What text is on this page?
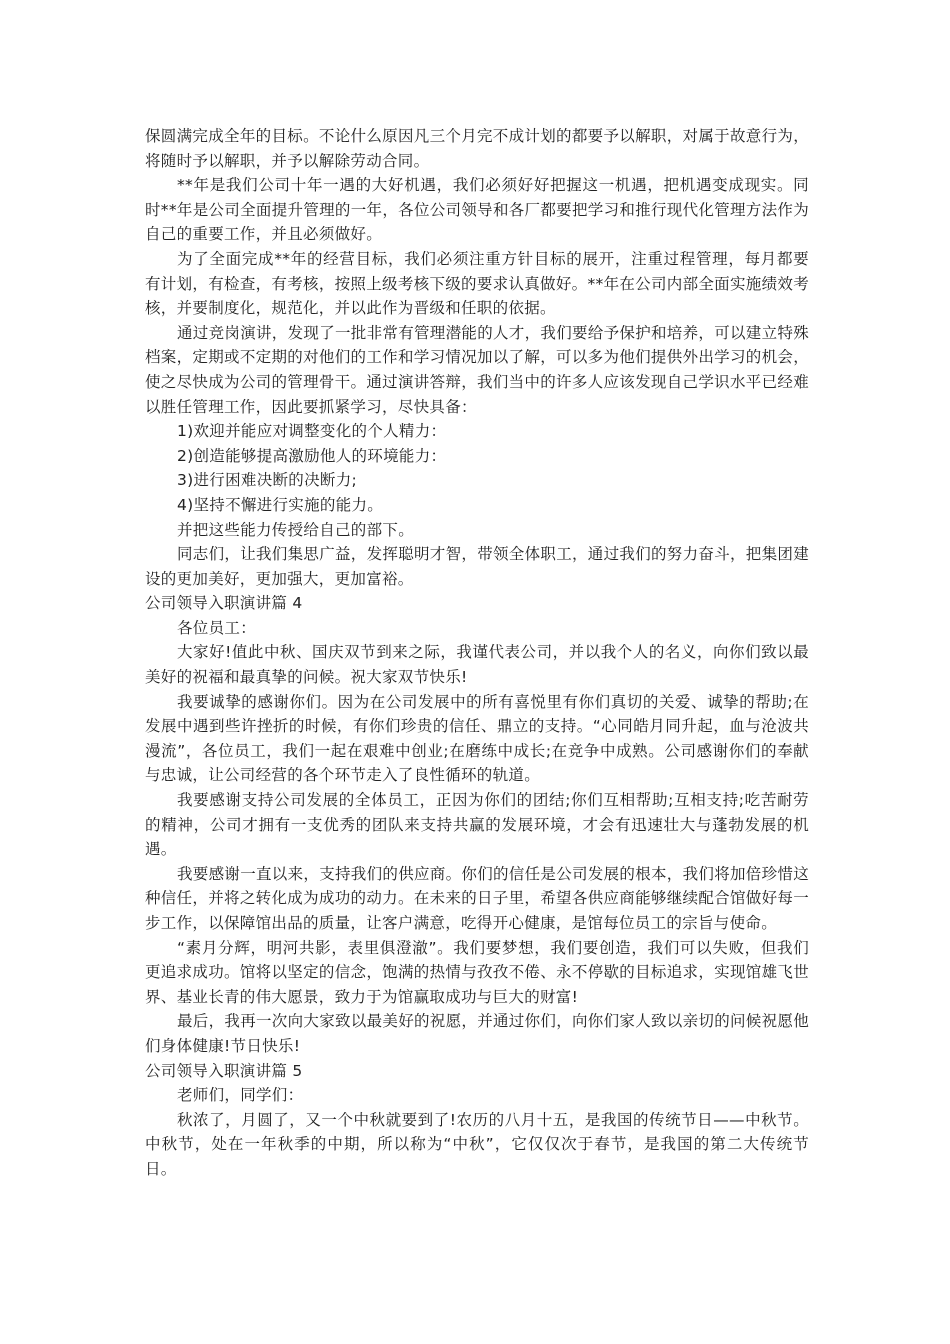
保圆满完成全年的目标。不论什么原因凡三个月完不成计划的都要予以解职，对属于故意行为，将随时予以解职，并予以解除劳动合同。

**年是我们公司十年一遇的大好机遇，我们必须好好把握这一机遇，把机遇变成现实。同时**年是公司全面提升管理的一年，各位公司领导和各厂都要把学习和推行现代化管理方法作为自己的重要工作，并且必须做好。

为了全面完成**年的经营目标，我们必须注重方针目标的展开，注重过程管理，每月都要有计划，有检查，有考核，按照上级考核下级的要求认真做好。**年在公司内部全面实施绩效考核，并要制度化，规范化，并以此作为晋级和任职的依据。

通过竞岗演讲，发现了一批非常有管理潜能的人才，我们要给予保护和培养，可以建立特殊档案，定期或不定期的对他们的工作和学习情况加以了解，可以多为他们提供外出学习的机会，使之尽快成为公司的管理骨干。通过演讲答辩，我们当中的许多人应该发现自己学识水平已经难以胜任管理工作，因此要抓紧学习，尽快具备：

1)欢迎并能应对调整变化的个人精力：

2)创造能够提高激励他人的环境能力：

3)进行困难决断的决断力;

4)坚持不懈进行实施的能力。

并把这些能力传授给自己的部下。

同志们，让我们集思广益，发挥聪明才智，带领全体职工，通过我们的努力奋斗，把集团建设的更加美好，更加强大，更加富裕。

公司领导入职演讲篇 4

各位员工：

大家好!值此中秋、国庆双节到来之际，我谨代表公司，并以我个人的名义，向你们致以最美好的祝福和最真挚的问候。祝大家双节快乐!

我要诚挚的感谢你们。因为在公司发展中的所有喜悦里有你们真切的关爱、诚挚的帮助;在发展中遇到些许挫折的时候，有你们珍贵的信任、鼎立的支持。“心同皓月同升起，血与沧波共漫流”，各位员工，我们一起在艰难中创业;在磨练中成长;在竞争中成熟。公司感谢你们的奉献与忠诚，让公司经营的各个环节走入了良性循环的轨道。

我要感谢支持公司发展的全体员工，正因为你们的团结;你们互相帮助;互相支持;吃苦耐劳的精神，公司才拥有一支优秀的团队来支持共赢的发展环境，才会有迅速壮大与蓬勃发展的机遇。

我要感谢一直以来，支持我们的供应商。你们的信任是公司发展的根本，我们将加倍珍惜这种信任，并将之转化成为成功的动力。在未来的日子里，希望各供应商能够继续配合馆做好每一步工作，以保障馆出品的质量，让客户满意，吃得开心健康，是馆每位员工的宗旨与使命。

“素月分辉，明河共影，表里俱澄澈”。我们要梦想，我们要创造，我们可以失败，但我们更追求成功。馆将以坚定的信念，饱满的热情与孜孜不倦、永不停歇的目标追求，实现馆雄飞世界、基业长青的伟大愿景，致力于为馆赢取成功与巨大的财富!

最后，我再一次向大家致以最美好的祝愿，并通过你们，向你们家人致以亲切的问候祝愿他们身体健康!节日快乐!

公司领导入职演讲篇 5

老师们，同学们：

秋浓了，月圆了，又一个中秋就要到了!农历的八月十五，是我国的传统节日——中秋节。中秋节，处在一年秋季的中期，所以称为“中秋”，它仅仅次于春节，是我国的第二大传统节日。
